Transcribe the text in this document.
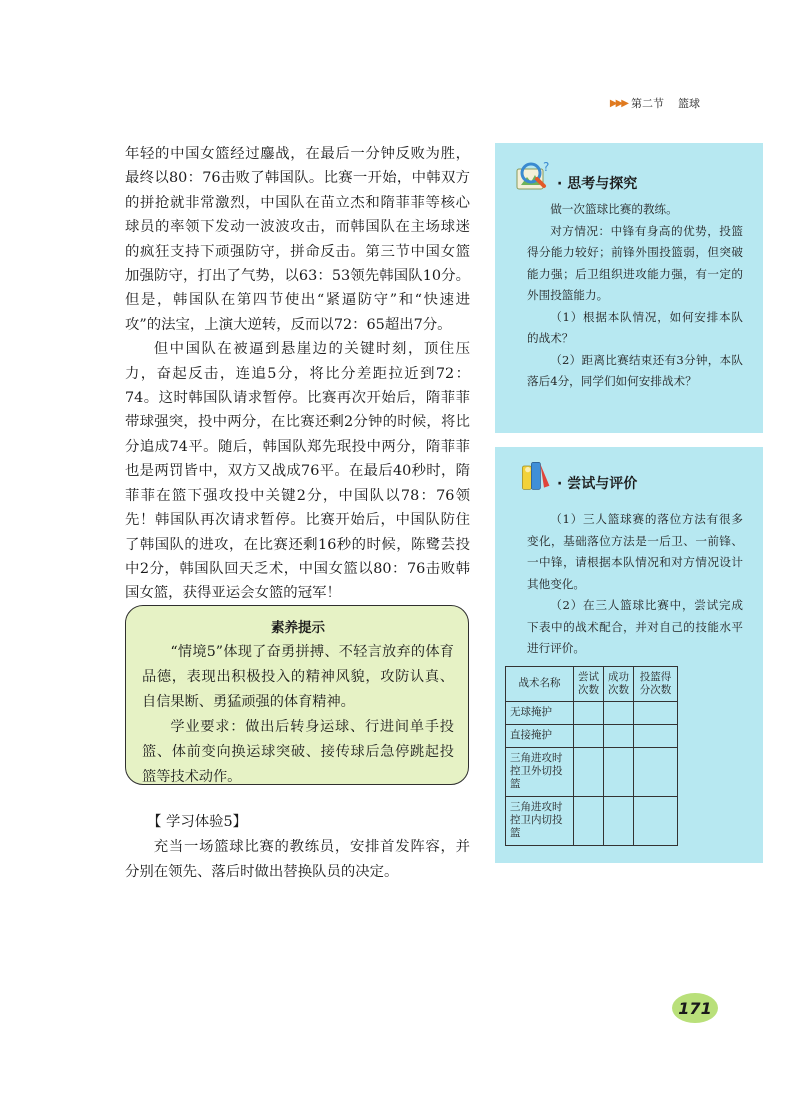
▶▶▶ 第二节 篮球

年轻的中国女篮经过鏖战，在最后一分钟反败为胜，最终以80：76击败了韩国队。比赛一开始，中韩双方的拼抢就非常激烈，中国队在苗立杰和隋菲菲等核心球员的率领下发动一波波攻击，而韩国队在主场球迷的疯狂支持下顽强防守，拼命反击。第三节中国女篮加强防守，打出了气势，以63：53领先韩国队10分。但是，韩国队在第四节使出“紧逼防守”和“快速进攻”的法宝，上演大逆转，反而以72：65超出7分。

但中国队在被逼到悬崖边的关键时刻，顶住压力，奋起反击，连追5分，将比分差距拉近到72：74。这时韩国队请求暂停。比赛再次开始后，隋菲菲带球强突，投中两分，在比赛还剩2分钟的时候，将比分追成74平。随后，韩国队郑先珉投中两分，隋菲菲也是两罚皆中，双方又战成76平。在最后40秒时，隋菲菲在篮下强攻投中关键2分，中国队以78：76领先！韩国队再次请求暂停。比赛开始后，中国队防住了韩国队的进攻，在比赛还剩16秒的时候，陈鹭芸投中2分，韩国队回天乏术，中国女篮以80：76击败韩国女篮，获得亚运会女篮的冠军！

素养提示

“情境5”体现了奋勇拼搏、不轻言放弃的体育品德，表现出积极投入的精神风貌，攻防认真、自信果断、勇猛顽强的体育精神。

学业要求：做出后转身运球、行进间单手投篮、体前变向换运球突破、接传球后急停跳起投篮等技术动作。

【 学习体验5】

充当一场篮球比赛的教练员，安排首发阵容，并分别在领先、落后时做出替换队员的决定。

?
· 思考与探究

做一次篮球比赛的教练。

对方情况：中锋有身高的优势，投篮得分能力较好；前锋外围投篮弱，但突破能力强；后卫组织进攻能力强，有一定的外围投篮能力。

（1）根据本队情况，如何安排本队的战术？

（2）距离比赛结束还有3分钟，本队落后4分，同学们如何安排战术？

· 尝试与评价

（1）三人篮球赛的落位方法有很多变化，基础落位方法是一后卫、一前锋、一中锋，请根据本队情况和对方情况设计其他变化。

（2）在三人篮球比赛中，尝试完成下表中的战术配合，并对自己的技能水平进行评价。

战术名称	尝试次数	成功次数	投篮得分次数
无球掩护			
直接掩护			
三角进攻时控卫外切投篮			
三角进攻时控卫内切投篮			
171
